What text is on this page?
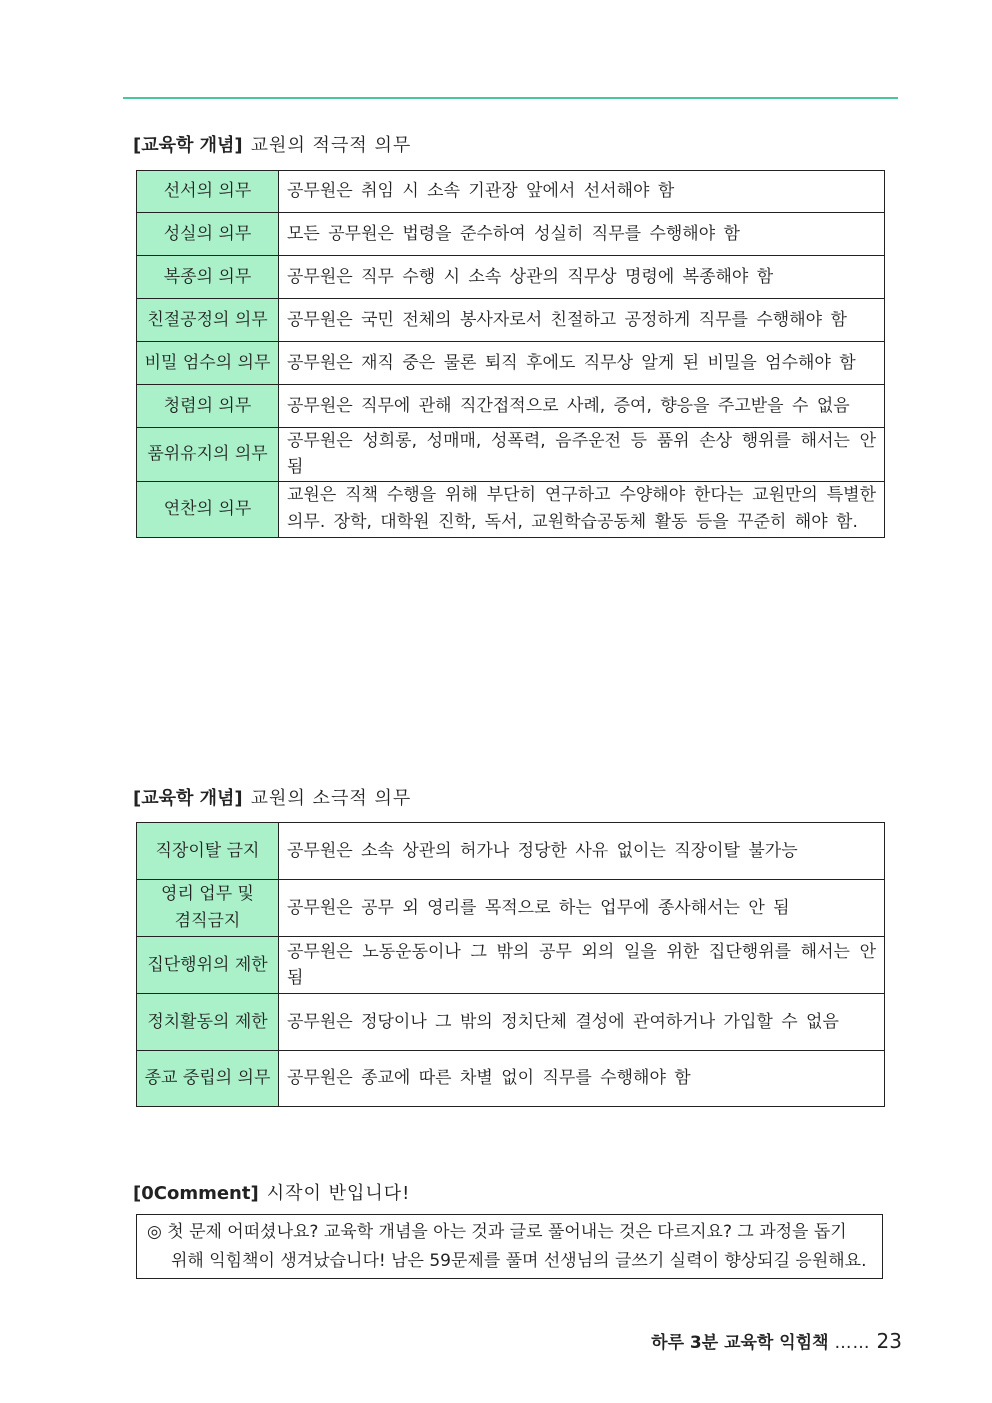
[교육학 개념] 교원의 적극적 의무
선서의 의무	공무원은 취임 시 소속 기관장 앞에서 선서해야 함
성실의 의무	모든 공무원은 법령을 준수하여 성실히 직무를 수행해야 함
복종의 의무	공무원은 직무 수행 시 소속 상관의 직무상 명령에 복종해야 함
친절공정의 의무	공무원은 국민 전체의 봉사자로서 친절하고 공정하게 직무를 수행해야 함
비밀 엄수의 의무	공무원은 재직 중은 물론 퇴직 후에도 직무상 알게 된 비밀을 엄수해야 함
청렴의 의무	공무원은 직무에 관해 직간접적으로 사례, 증여, 향응을 주고받을 수 없음
품위유지의 의무	공무원은 성희롱, 성매매, 성폭력, 음주운전 등 품위 손상 행위를 해서는 안 됨
연찬의 의무	교원은 직책 수행을 위해 부단히 연구하고 수양해야 한다는 교원만의 특별한 의무. 장학, 대학원 진학, 독서, 교원학습공동체 활동 등을 꾸준히 해야 함.
[교육학 개념] 교원의 소극적 의무
직장이탈 금지	공무원은 소속 상관의 허가나 정당한 사유 없이는 직장이탈 불가능
영리 업무 및 겸직금지	공무원은 공무 외 영리를 목적으로 하는 업무에 종사해서는 안 됨
집단행위의 제한	공무원은 노동운동이나 그 밖의 공무 외의 일을 위한 집단행위를 해서는 안 됨
정치활동의 제한	공무원은 정당이나 그 밖의 정치단체 결성에 관여하거나 가입할 수 없음
종교 중립의 의무	공무원은 종교에 따른 차별 없이 직무를 수행해야 함
[0Comment] 시작이 반입니다!
◎ 첫 문제 어떠셨나요? 교육학 개념을 아는 것과 글로 풀어내는 것은 다르지요? 그 과정을 돕기
위해 익힘책이 생겨났습니다! 남은 59문제를 풀며 선생님의 글쓰기 실력이 향상되길 응원해요.
하루 3분 교육학 익힘책 …… 23
